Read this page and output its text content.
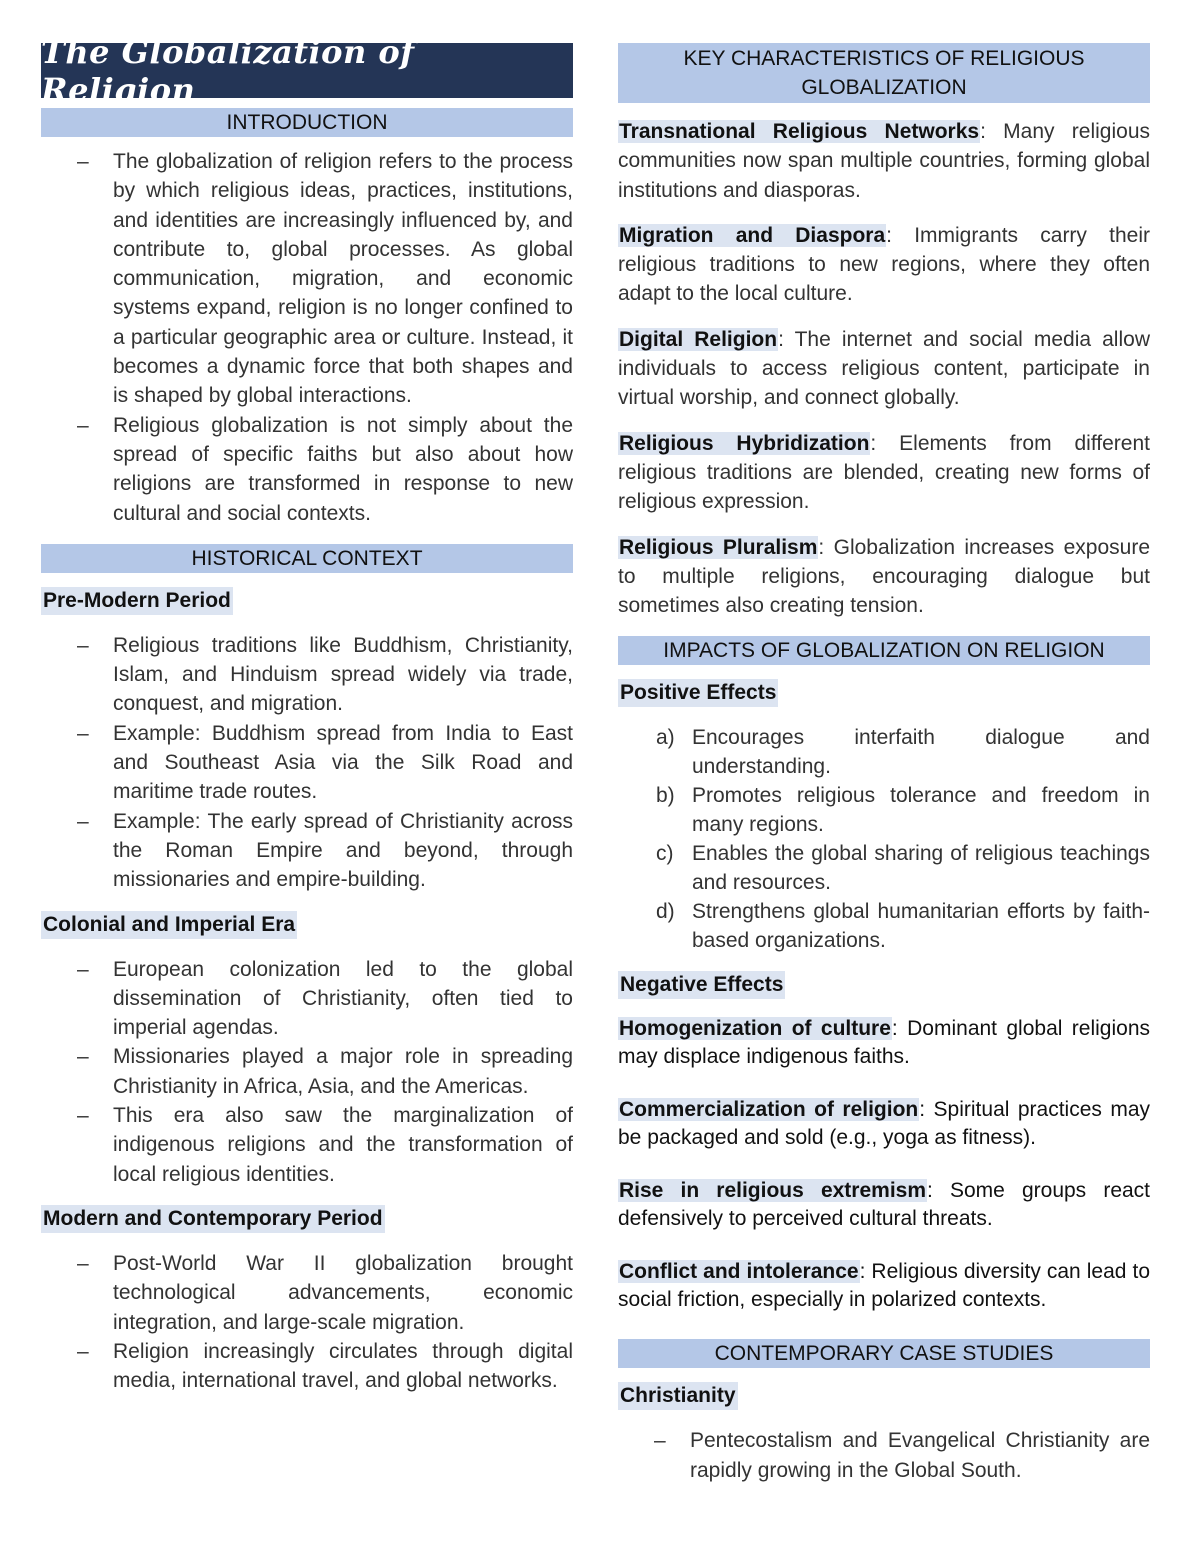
The Globalization of Religion
INTRODUCTION
– The globalization of religion refers to the process by which religious ideas, practices, institutions, and identities are increasingly influenced by, and contribute to, global processes. As global communication, migration, and economic systems expand, religion is no longer confined to a particular geographic area or culture. Instead, it becomes a dynamic force that both shapes and is shaped by global interactions.
– Religious globalization is not simply about the spread of specific faiths but also about how religions are transformed in response to new cultural and social contexts.
HISTORICAL CONTEXT
Pre-Modern Period
– Religious traditions like Buddhism, Christianity, Islam, and Hinduism spread widely via trade, conquest, and migration.
– Example: Buddhism spread from India to East and Southeast Asia via the Silk Road and maritime trade routes.
– Example: The early spread of Christianity across the Roman Empire and beyond, through missionaries and empire-building.
Colonial and Imperial Era
– European colonization led to the global dissemination of Christianity, often tied to imperial agendas.
– Missionaries played a major role in spreading Christianity in Africa, Asia, and the Americas.
– This era also saw the marginalization of indigenous religions and the transformation of local religious identities.
Modern and Contemporary Period
– Post-World War II globalization brought technological advancements, economic integration, and large-scale migration.
– Religion increasingly circulates through digital media, international travel, and global networks.
KEY CHARACTERISTICS OF RELIGIOUS GLOBALIZATION

Transnational Religious Networks: Many religious communities now span multiple countries, forming global institutions and diasporas.

Migration and Diaspora: Immigrants carry their religious traditions to new regions, where they often adapt to the local culture.

Digital Religion: The internet and social media allow individuals to access religious content, participate in virtual worship, and connect globally.

Religious Hybridization: Elements from different religious traditions are blended, creating new forms of religious expression.

Religious Pluralism: Globalization increases exposure to multiple religions, encouraging dialogue but sometimes also creating tension.

IMPACTS OF GLOBALIZATION ON RELIGION
Positive Effects
a) Encourages interfaith dialogue and understanding.
b) Promotes religious tolerance and freedom in many regions.
c) Enables the global sharing of religious teachings and resources.
d) Strengthens global humanitarian efforts by faith-based organizations.
Negative Effects

Homogenization of culture: Dominant global religions may displace indigenous faiths.

Commercialization of religion: Spiritual practices may be packaged and sold (e.g., yoga as fitness).

Rise in religious extremism: Some groups react defensively to perceived cultural threats.

Conflict and intolerance: Religious diversity can lead to social friction, especially in polarized contexts.

CONTEMPORARY CASE STUDIES
Christianity
– Pentecostalism and Evangelical Christianity are rapidly growing in the Global South.
